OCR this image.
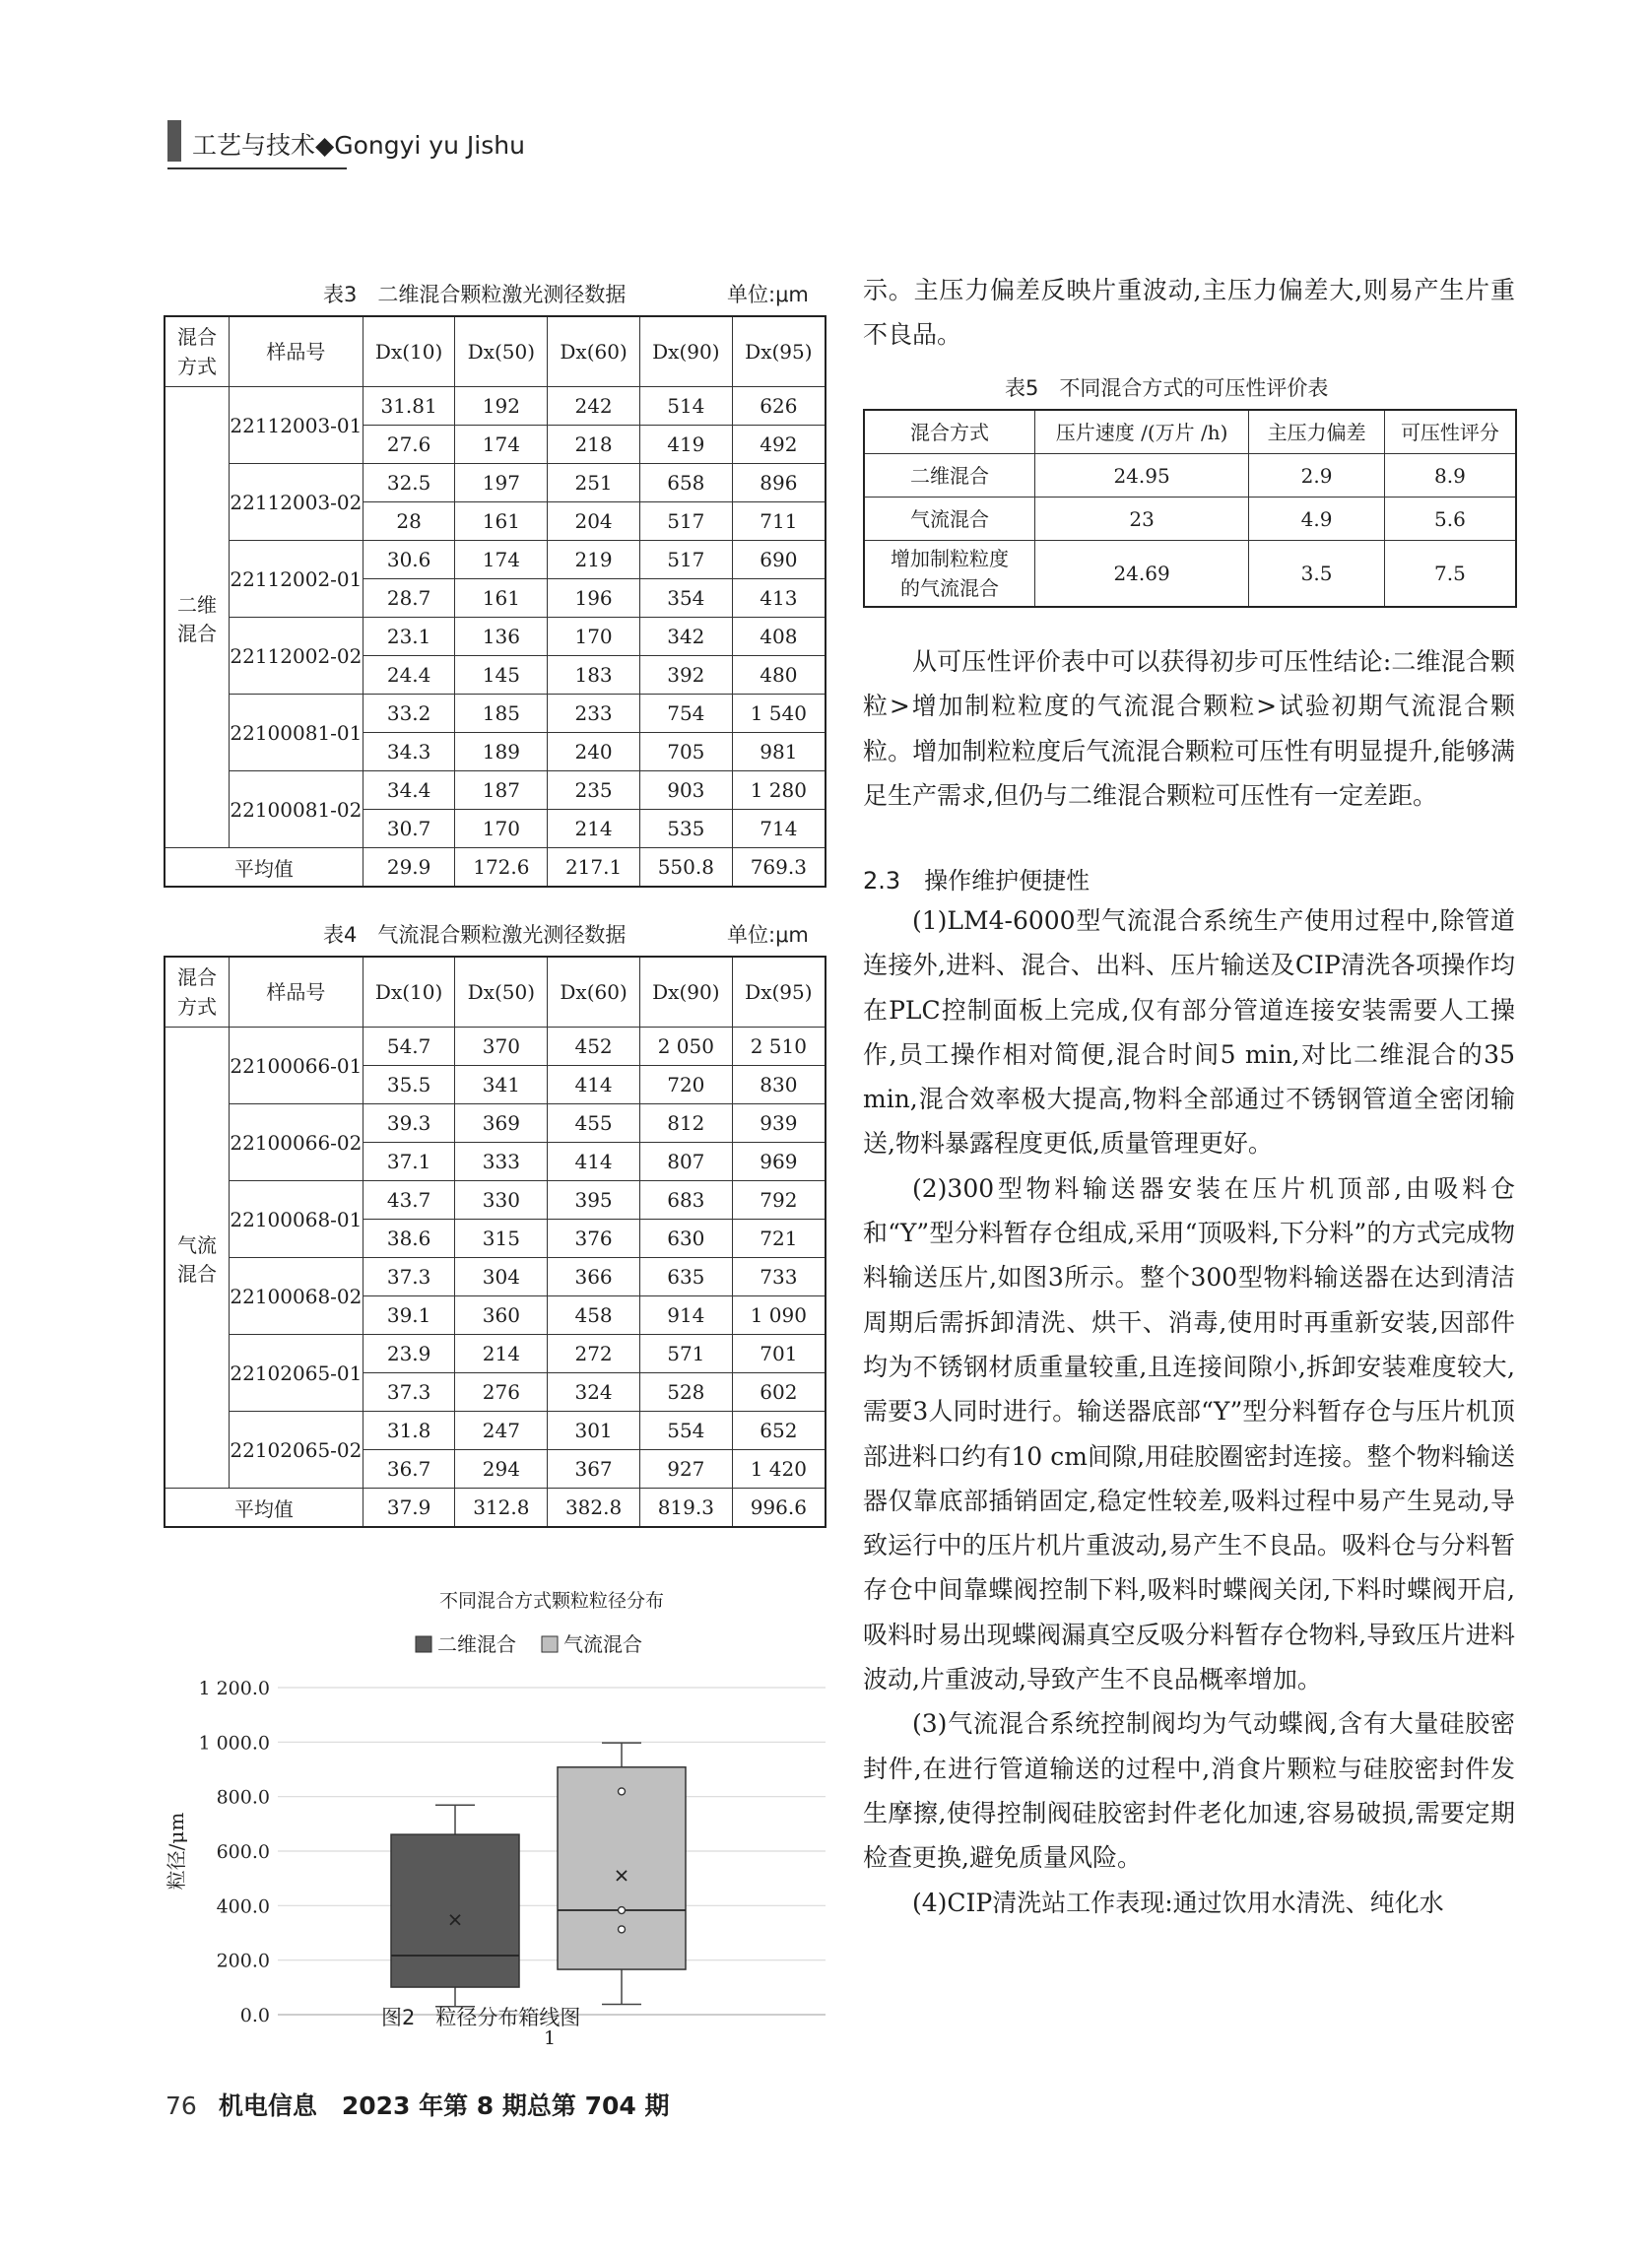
工艺与技术◆Gongyi yu Jishu
表3　二维混合颗粒激光测径数据	单位:μm
混合
方式	样品号	Dx(10)	Dx(50)	Dx(60)	Dx(90)	Dx(95)
二维
混合	22112003-01	31.81	192	242	514	626
		27.6	174	218	419	492
	22112003-02	32.5	197	251	658	896
		28	161	204	517	711
	22112002-01	30.6	174	219	517	690
		28.7	161	196	354	413
	22112002-02	23.1	136	170	342	408
		24.4	145	183	392	480
	22100081-01	33.2	185	233	754	1 540
		34.3	189	240	705	981
	22100081-02	34.4	187	235	903	1 280
		30.7	170	214	535	714
平均值		29.9	172.6	217.1	550.8	769.3
表4　气流混合颗粒激光测径数据	单位:μm
混合
方式	样品号	Dx(10)	Dx(50)	Dx(60)	Dx(90)	Dx(95)
气流
混合	22100066-01	54.7	370	452	2 050	2 510
		35.5	341	414	720	830
	22100066-02	39.3	369	455	812	939
		37.1	333	414	807	969
	22100068-01	43.7	330	395	683	792
		38.6	315	376	630	721
	22100068-02	37.3	304	366	635	733
		39.1	360	458	914	1 090
	22102065-01	23.9	214	272	571	701
		37.3	276	324	528	602
	22102065-02	31.8	247	301	554	652
		36.7	294	367	927	1 420
平均值		37.9	312.8	382.8	819.3	996.6
不同混合方式颗粒粒径分布
二维混合 气流混合
0.0
200.0
400.0
600.0
800.0
1 000.0
1 200.0
粒径/μm
1
图2　粒径分布箱线图

示。主压力偏差反映片重波动,主压力偏差大,则易产生片重不良品。

表5　不同混合方式的可压性评价表
混合方式	压片速度 /(万片 /h)	主压力偏差	可压性评分
二维混合	24.95	2.9	8.9
气流混合	23	4.9	5.6
增加制粒粒度
的气流混合	24.69	3.5	7.5

从可压性评价表中可以获得初步可压性结论:二维混合颗粒>增加制粒粒度的气流混合颗粒>试验初期气流混合颗粒。增加制粒粒度后气流混合颗粒可压性有明显提升,能够满足生产需求,但仍与二维混合颗粒可压性有一定差距。

2.3　操作维护便捷性

(1)LM4-6000型气流混合系统生产使用过程中,除管道连接外,进料、混合、出料、压片输送及CIP清洗各项操作均在PLC控制面板上完成,仅有部分管道连接安装需要人工操作,员工操作相对简便,混合时间5 min,对比二维混合的35 min,混合效率极大提高,物料全部通过不锈钢管道全密闭输送,物料暴露程度更低,质量管理更好。

(2)300型物料输送器安装在压片机顶部,由吸料仓和“Y”型分料暂存仓组成,采用“顶吸料,下分料”的方式完成物料输送压片,如图3所示。整个300型物料输送器在达到清洁周期后需拆卸清洗、烘干、消毒,使用时再重新安装,因部件均为不锈钢材质重量较重,且连接间隙小,拆卸安装难度较大,需要3人同时进行。输送器底部“Y”型分料暂存仓与压片机顶部进料口约有10 cm间隙,用硅胶圈密封连接。整个物料输送器仅靠底部插销固定,稳定性较差,吸料过程中易产生晃动,导致运行中的压片机片重波动,易产生不良品。吸料仓与分料暂存仓中间靠蝶阀控制下料,吸料时蝶阀关闭,下料时蝶阀开启,吸料时易出现蝶阀漏真空反吸分料暂存仓物料,导致压片进料波动,片重波动,导致产生不良品概率增加。

(3)气流混合系统控制阀均为气动蝶阀,含有大量硅胶密封件,在进行管道输送的过程中,消食片颗粒与硅胶密封件发生摩擦,使得控制阀硅胶密封件老化加速,容易破损,需要定期检查更换,避免质量风险。

(4)CIP清洗站工作表现:通过饮用水清洗、纯化水

76 机电信息　2023 年第 8 期总第 704 期
